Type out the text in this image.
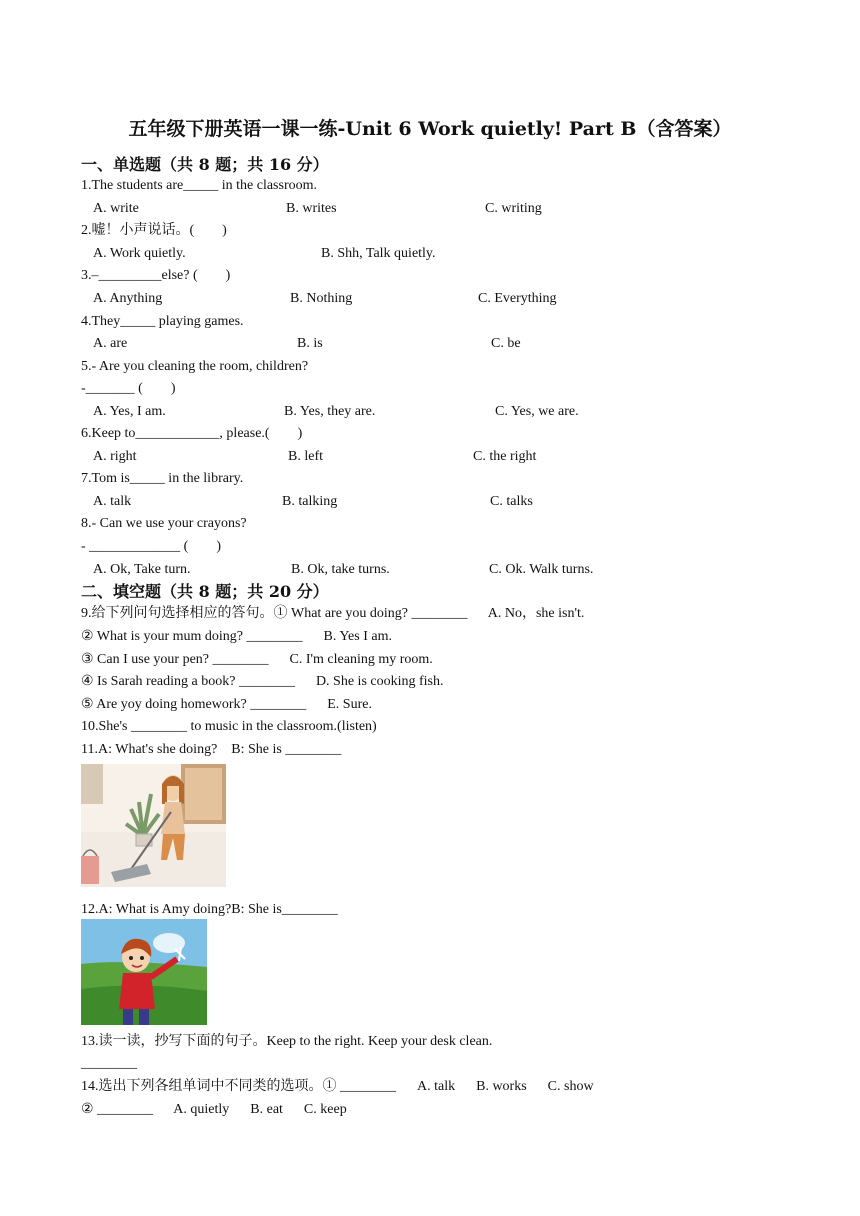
五年级下册英语一课一练-Unit 6 Work quietly! Part B（含答案）
一、单选题（共 8 题；共 16 分）
1.The students are_____ in the classroom.
A. write	B. writes	C. writing
2.嘘！小声说话。(        )
A. Work quietly.	B. Shh, Talk quietly.
3.–_________else? (        )
A. Anything	B. Nothing	C. Everything
4.They_____ playing games.
A. are	B. is	C. be
5.- Are you cleaning the room, children?
-_______ (        )
A. Yes, I am.	B. Yes, they are.	C. Yes, we are.
6.Keep to____________, please.(        )
A. right	B. left	C. the right
7.Tom is_____ in the library.
A. talk	B. talking	C. talks
8.- Can we use your crayons?
- _____________ (        )
A. Ok, Take turn.	B. Ok, take turns.	C. Ok. Walk turns.
二、填空题（共 8 题；共 20 分）
9.给下列问句选择相应的答句。① What are you doing? ________      A. No，she isn't.
② What is your mum doing? ________      B. Yes I am.
③ Can I use your pen? ________      C. I'm cleaning my room.
④ Is Sarah reading a book? ________      D. She is cooking fish.
⑤ Are yoy doing homework? ________      E. Sure.
10.She's ________ to music in the classroom.(listen)
11.A: What's she doing?    B: She is ________
12.A: What is Amy doing?B: She is________
13.读一读，抄写下面的句子。Keep to the right. Keep your desk clean.
________
14.选出下列各组单词中不同类的选项。① ________      A. talk      B. works      C. show
② ________      A. quietly      B. eat      C. keep
